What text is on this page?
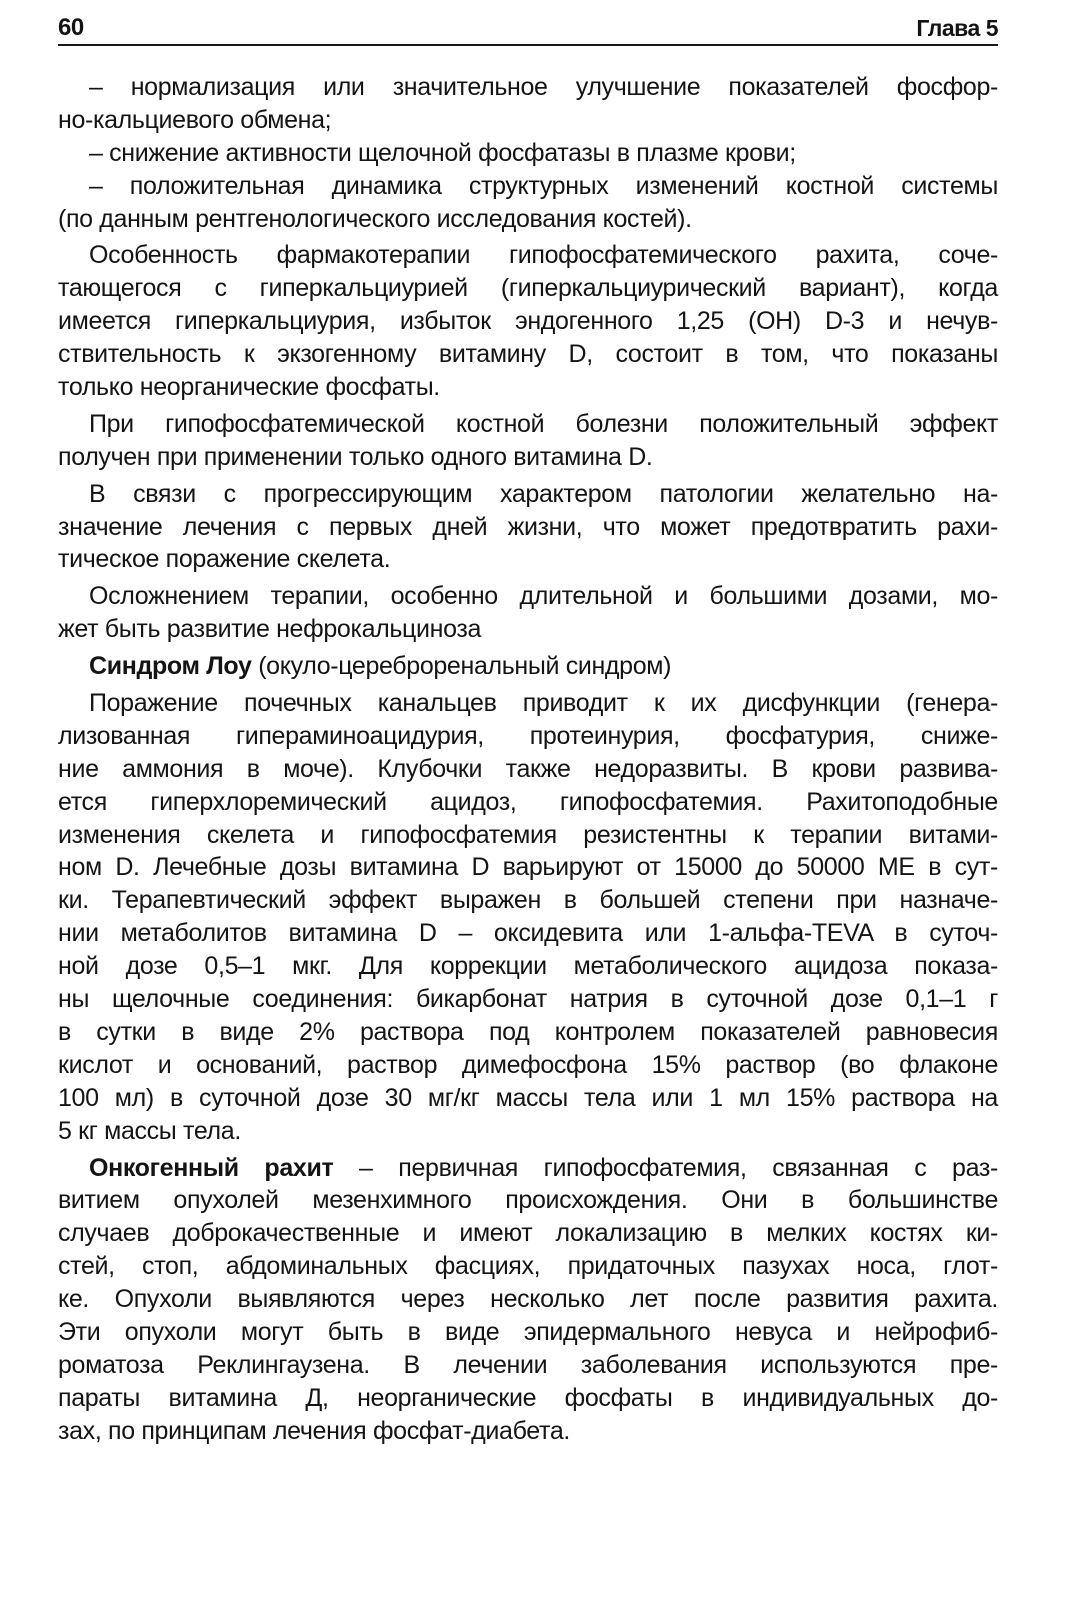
60	Глава 5
– нормализация или значительное улучшение показателей фосфор-
но-кальциевого обмена;
– снижение активности щелочной фосфатазы в плазме крови;
– положительная динамика структурных изменений костной системы
(по данным рентгенологического исследования костей).
Особенность фармакотерапии гипофосфатемического рахита, соче-
тающегося с гиперкальциурией (гиперкальциурический вариант), когда
имеется гиперкальциурия, избыток эндогенного 1,25 (ОН) D-3 и нечув-
ствительность к экзогенному витамину D, состоит в том, что показаны
только неорганические фосфаты.
При гипофосфатемической костной болезни положительный эффект
получен при применении только одного витамина D.
В связи с прогрессирующим характером патологии желательно на-
значение лечения с первых дней жизни, что может предотвратить рахи-
тическое поражение скелета.
Осложнением терапии, особенно длительной и большими дозами, мо-
жет быть развитие нефрокальциноза
Синдром Лоу (окуло-цереброренальный синдром)
Поражение почечных канальцев приводит к их дисфункции (генера-
лизованная гипераминоацидурия, протеинурия, фосфатурия, сниже-
ние аммония в моче). Клубочки также недоразвиты. В крови развива-
ется гиперхлоремический ацидоз, гипофосфатемия. Рахитоподобные
изменения скелета и гипофосфатемия резистентны к терапии витами-
ном D. Лечебные дозы витамина D варьируют от 15000 до 50000 МЕ в сут-
ки. Терапевтический эффект выражен в большей степени при назначе-
нии метаболитов витамина D – оксидевита или 1-альфа-TEVA в суточ-
ной дозе 0,5–1 мкг. Для коррекции метаболического ацидоза показа-
ны щелочные соединения: бикарбонат натрия в суточной дозе 0,1–1 г
в сутки в виде 2% раствора под контролем показателей равновесия
кислот и оснований, раствор димефосфона 15% раствор (во флаконе
100 мл) в суточной дозе 30 мг/кг массы тела или 1 мл 15% раствора на
5 кг массы тела.
Онкогенный рахит – первичная гипофосфатемия, связанная с раз-
витием опухолей мезенхимного происхождения. Они в большинстве
случаев доброкачественные и имеют локализацию в мелких костях ки-
стей, стоп, абдоминальных фасциях, придаточных пазухах носа, глот-
ке. Опухоли выявляются через несколько лет после развития рахита.
Эти опухоли могут быть в виде эпидермального невуса и нейрофиб-
роматоза Реклингаузена. В лечении заболевания используются пре-
параты витамина Д, неорганические фосфаты в индивидуальных до-
зах, по принципам лечения фосфат-диабета.
